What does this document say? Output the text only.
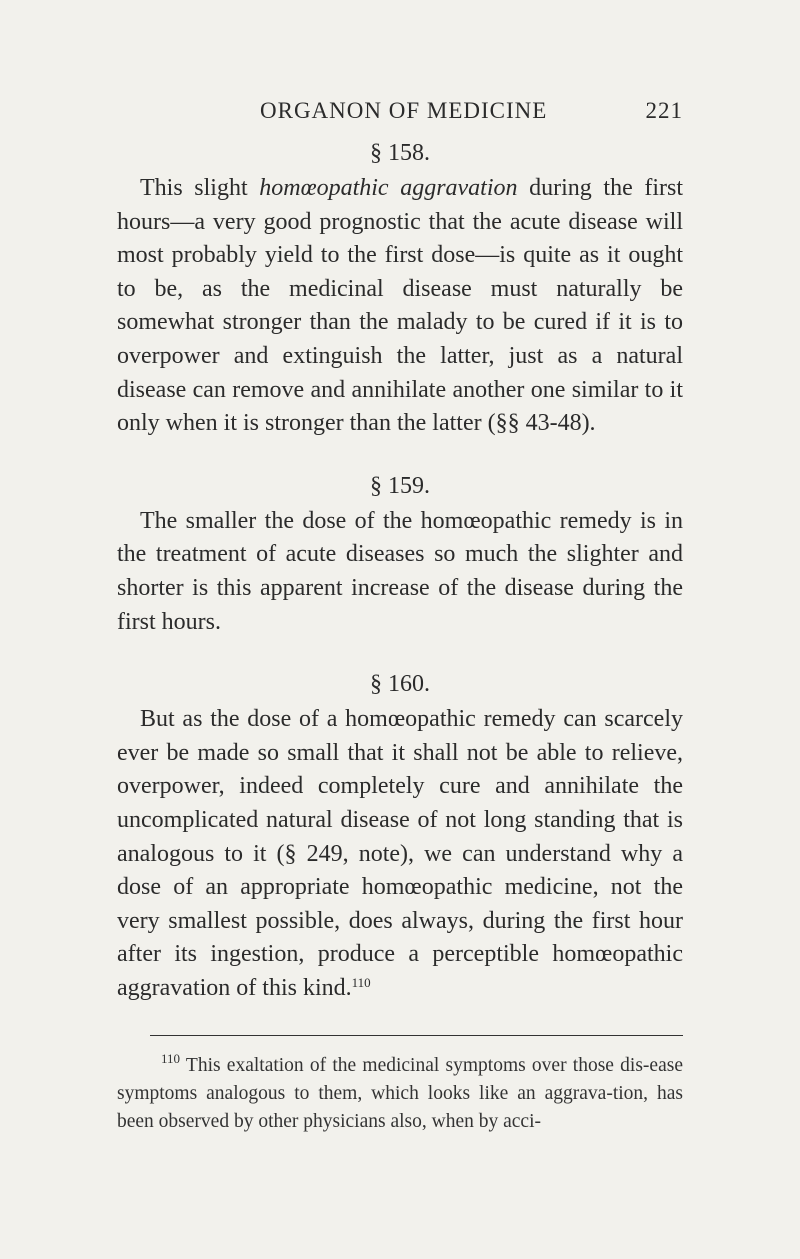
ORGANON OF MEDICINE	221
§ 158.

This slight homœopathic aggravation during the first hours—a very good prognostic that the acute disease will most probably yield to the first dose—is quite as it ought to be, as the medicinal disease must naturally be somewhat stronger than the malady to be cured if it is to overpower and extinguish the latter, just as a natural disease can remove and annihilate another one similar to it only when it is stronger than the latter (§§ 43-48).

§ 159.

The smaller the dose of the homœopathic remedy is in the treatment of acute diseases so much the slighter and shorter is this apparent increase of the disease during the first hours.

§ 160.

But as the dose of a homœopathic remedy can scarcely ever be made so small that it shall not be able to relieve, overpower, indeed completely cure and annihilate the uncomplicated natural disease of not long standing that is analogous to it (§ 249, note), we can understand why a dose of an appropriate homœopathic medicine, not the very smallest possible, does always, during the first hour after its ingestion, produce a perceptible homœopathic aggravation of this kind.$^{110}$

$^{110}$ This exaltation of the medicinal symptoms over those dis-ease symptoms analogous to them, which looks like an aggrava-tion, has been observed by other physicians also, when by acci-
